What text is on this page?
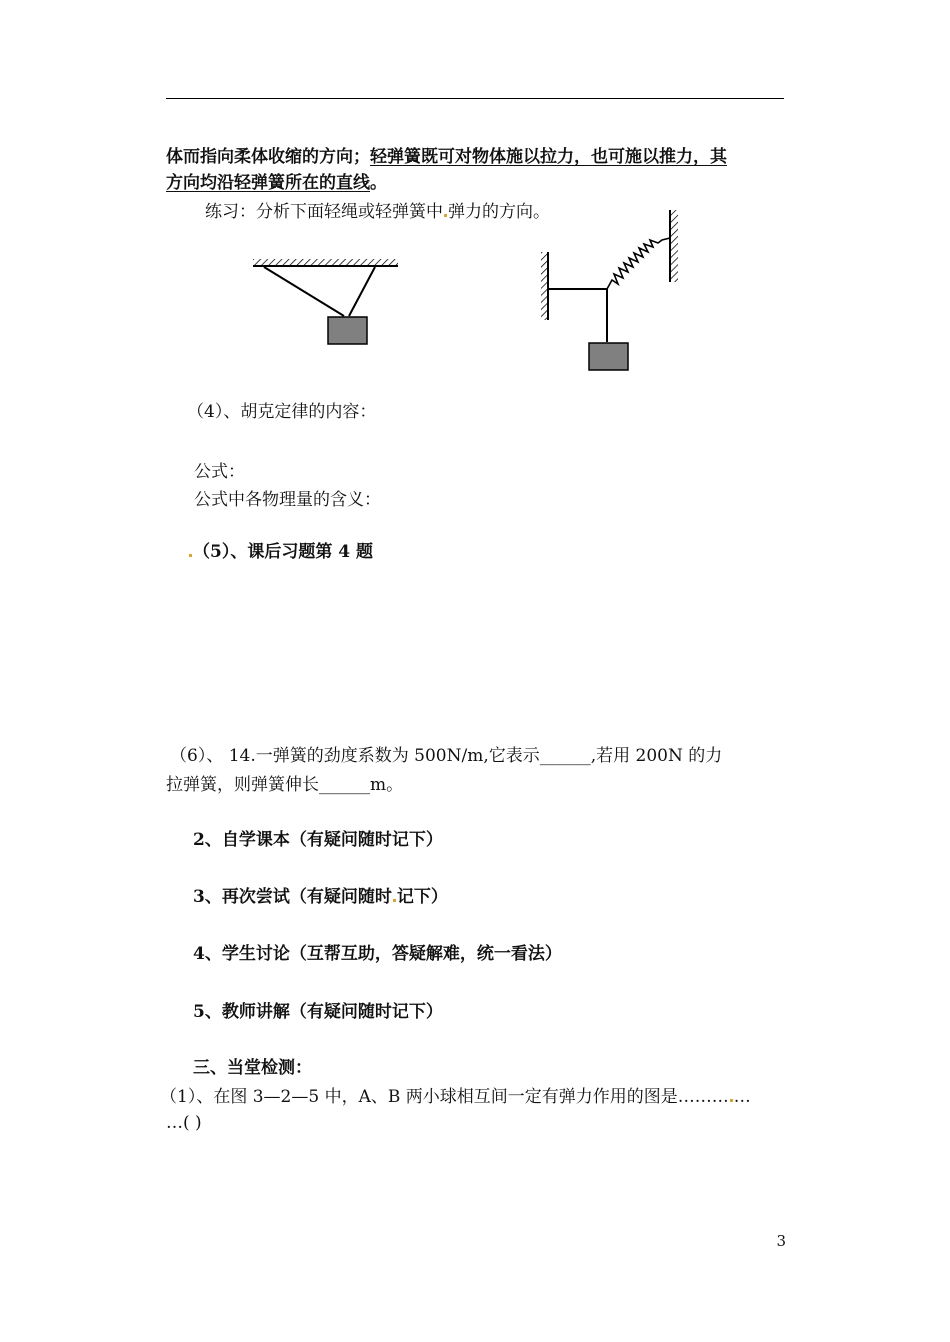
体而指向柔体收缩的方向；轻弹簧既可对物体施以拉力，也可施以推力，其
方向均沿轻弹簧所在的直线。
练习：分析下面轻绳或轻弹簧中 弹力的方向。
（4）、胡克定律的内容：
公式：
公式中各物理量的含义：
（5）、课后习题第 4 题
（6）、 14.一弹簧的劲度系数为 500N/m,它表示______,若用 200N 的力
拉弹簧，则弹簧伸长______m。
2、自学课本（有疑问随时记下）
3、再次尝试（有疑问随时 记下）
4、学生讨论（互帮互助，答疑解难，统一看法）
5、教师讲解（有疑问随时记下）
三、当堂检测：
（1）、在图 3—2—5 中，A、B 两小球相互间一定有弹力作用的图是……… …
…( )
3
